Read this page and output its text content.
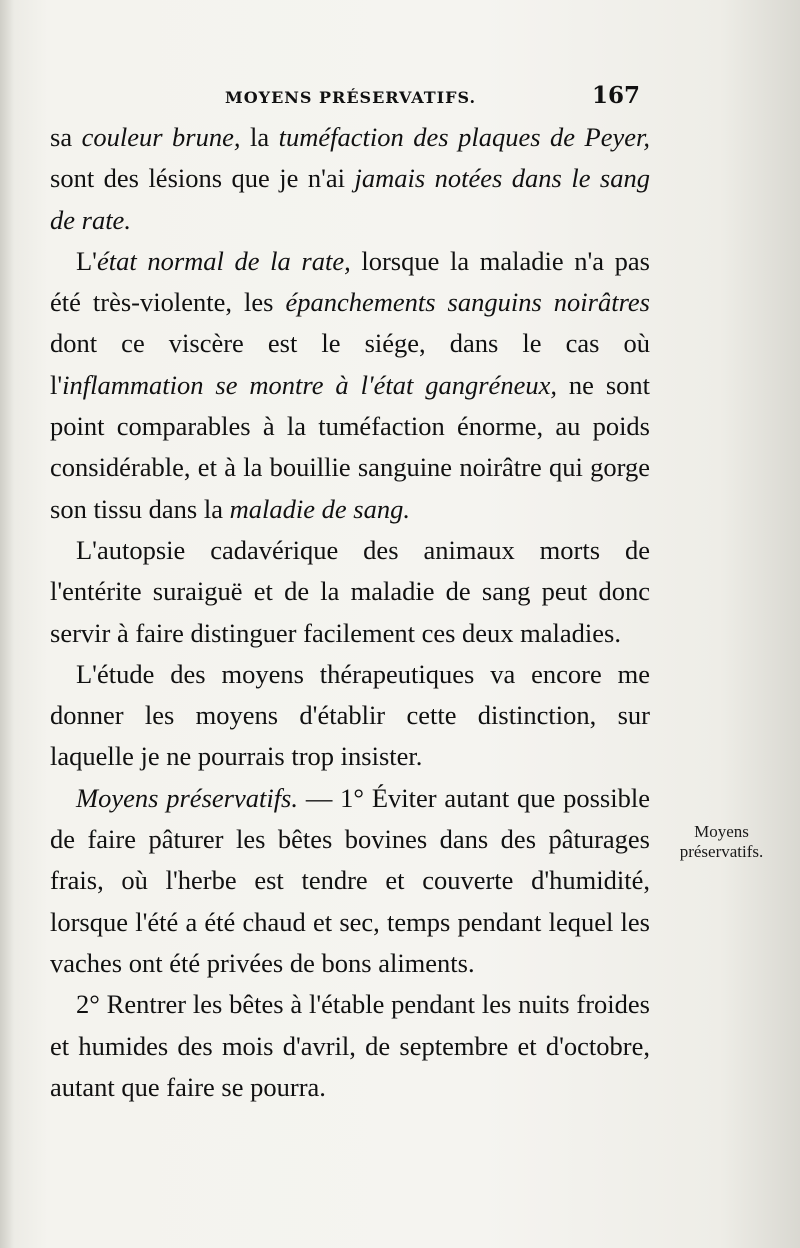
MOYENS PRÉSERVATIFS.	167

sa couleur brune, la tuméfaction des plaques de Peyer, sont des lésions que je n'ai jamais notées dans le sang de rate.

L'état normal de la rate, lorsque la maladie n'a pas été très-violente, les épanchements sanguins noirâtres dont ce viscère est le siége, dans le cas où l'inflammation se montre à l'état gangréneux, ne sont point comparables à la tuméfaction énorme, au poids considérable, et à la bouillie sanguine noirâtre qui gorge son tissu dans la maladie de sang.

L'autopsie cadavérique des animaux morts de l'entérite suraiguë et de la maladie de sang peut donc servir à faire distinguer facilement ces deux maladies.

L'étude des moyens thérapeutiques va encore me donner les moyens d'établir cette distinction, sur laquelle je ne pourrais trop insister.

Moyens préservatifs. — 1° Éviter autant que possible de faire pâturer les bêtes bovines dans des pâturages frais, où l'herbe est tendre et couverte d'humidité, lorsque l'été a été chaud et sec, temps pendant lequel les vaches ont été privées de bons aliments.

2° Rentrer les bêtes à l'étable pendant les nuits froides et humides des mois d'avril, de septembre et d'octobre, autant que faire se pourra.

Moyens
préservatifs.
